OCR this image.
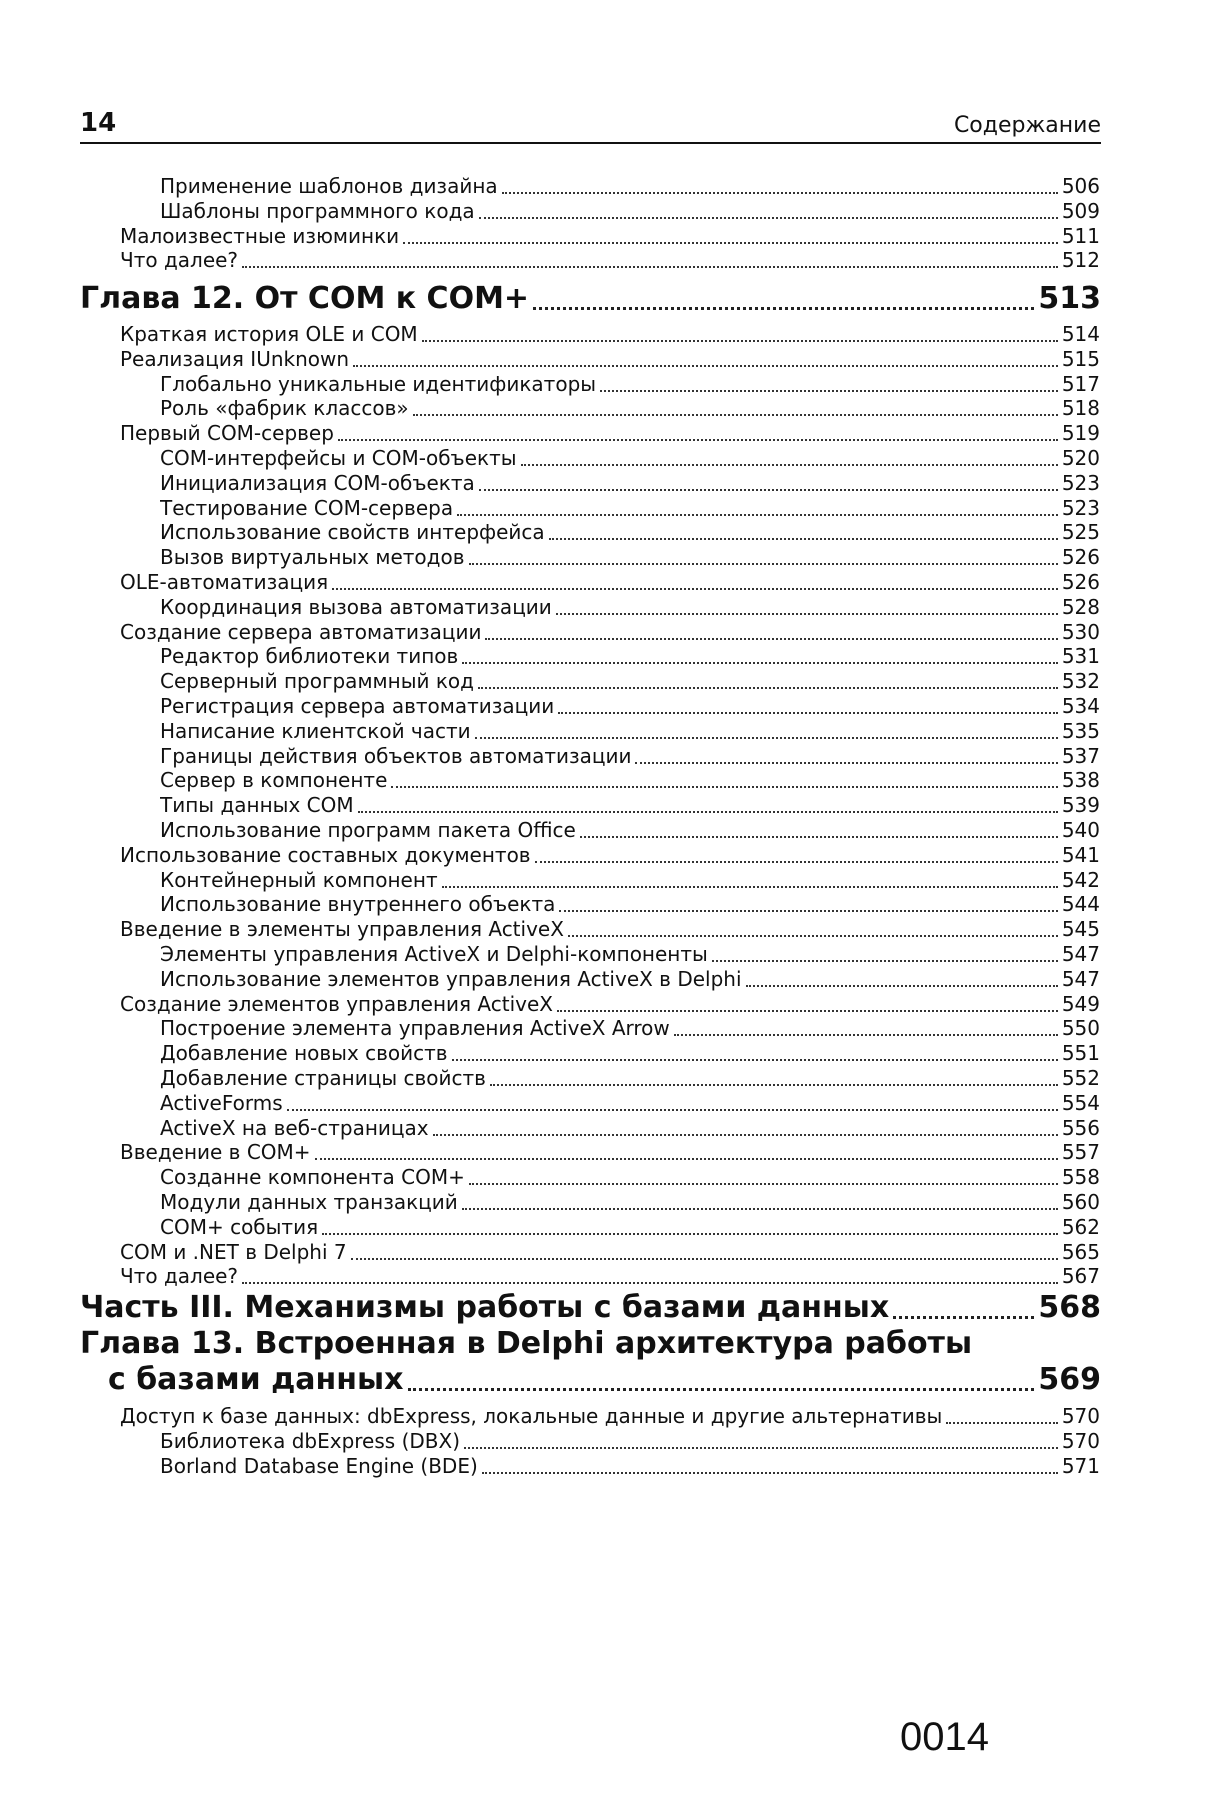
14	Содержание
Применение шаблонов дизайна	506
Шаблоны программного кода	509
Малоизвестные изюминки	511
Что далее?	512
Глава 12. От COM к COM+	513
Краткая история OLE и COM	514
Реализация IUnknown	515
Глобально уникальные идентификаторы	517
Роль «фабрик классов»	518
Первый COM-сервер	519
COM-интерфейсы и COM-объекты	520
Инициализация COM-объекта	523
Тестирование COM-сервера	523
Использование свойств интерфейса	525
Вызов виртуальных методов	526
OLE-автоматизация	526
Координация вызова автоматизации	528
Создание сервера автоматизации	530
Редактор библиотеки типов	531
Серверный программный код	532
Регистрация сервера автоматизации	534
Написание клиентской части	535
Границы действия объектов автоматизации	537
Сервер в компоненте	538
Типы данных COM	539
Использование программ пакета Office	540
Использование составных документов	541
Контейнерный компонент	542
Использование внутреннего объекта	544
Введение в элементы управления ActiveX	545
Элементы управления ActiveX и Delphi-компоненты	547
Использование элементов управления ActiveX в Delphi	547
Создание элементов управления ActiveX	549
Построение элемента управления ActiveX Arrow	550
Добавление новых свойств	551
Добавление страницы свойств	552
ActiveForms	554
ActiveX на веб-страницах	556
Введение в COM+	557
Созданне компонента COM+	558
Модули данных транзакций	560
COM+ события	562
COM и .NET в Delphi 7	565
Что далее?	567
Часть III. Механизмы работы с базами данных	568
Глава 13. Встроенная в Delphi архитектура работы
с базами данных	569
Доступ к базе данных: dbExpress, локальные данные и другие альтернативы	570
Библиотека dbExpress (DBX)	570
Borland Database Engine (BDE)	571
0014
